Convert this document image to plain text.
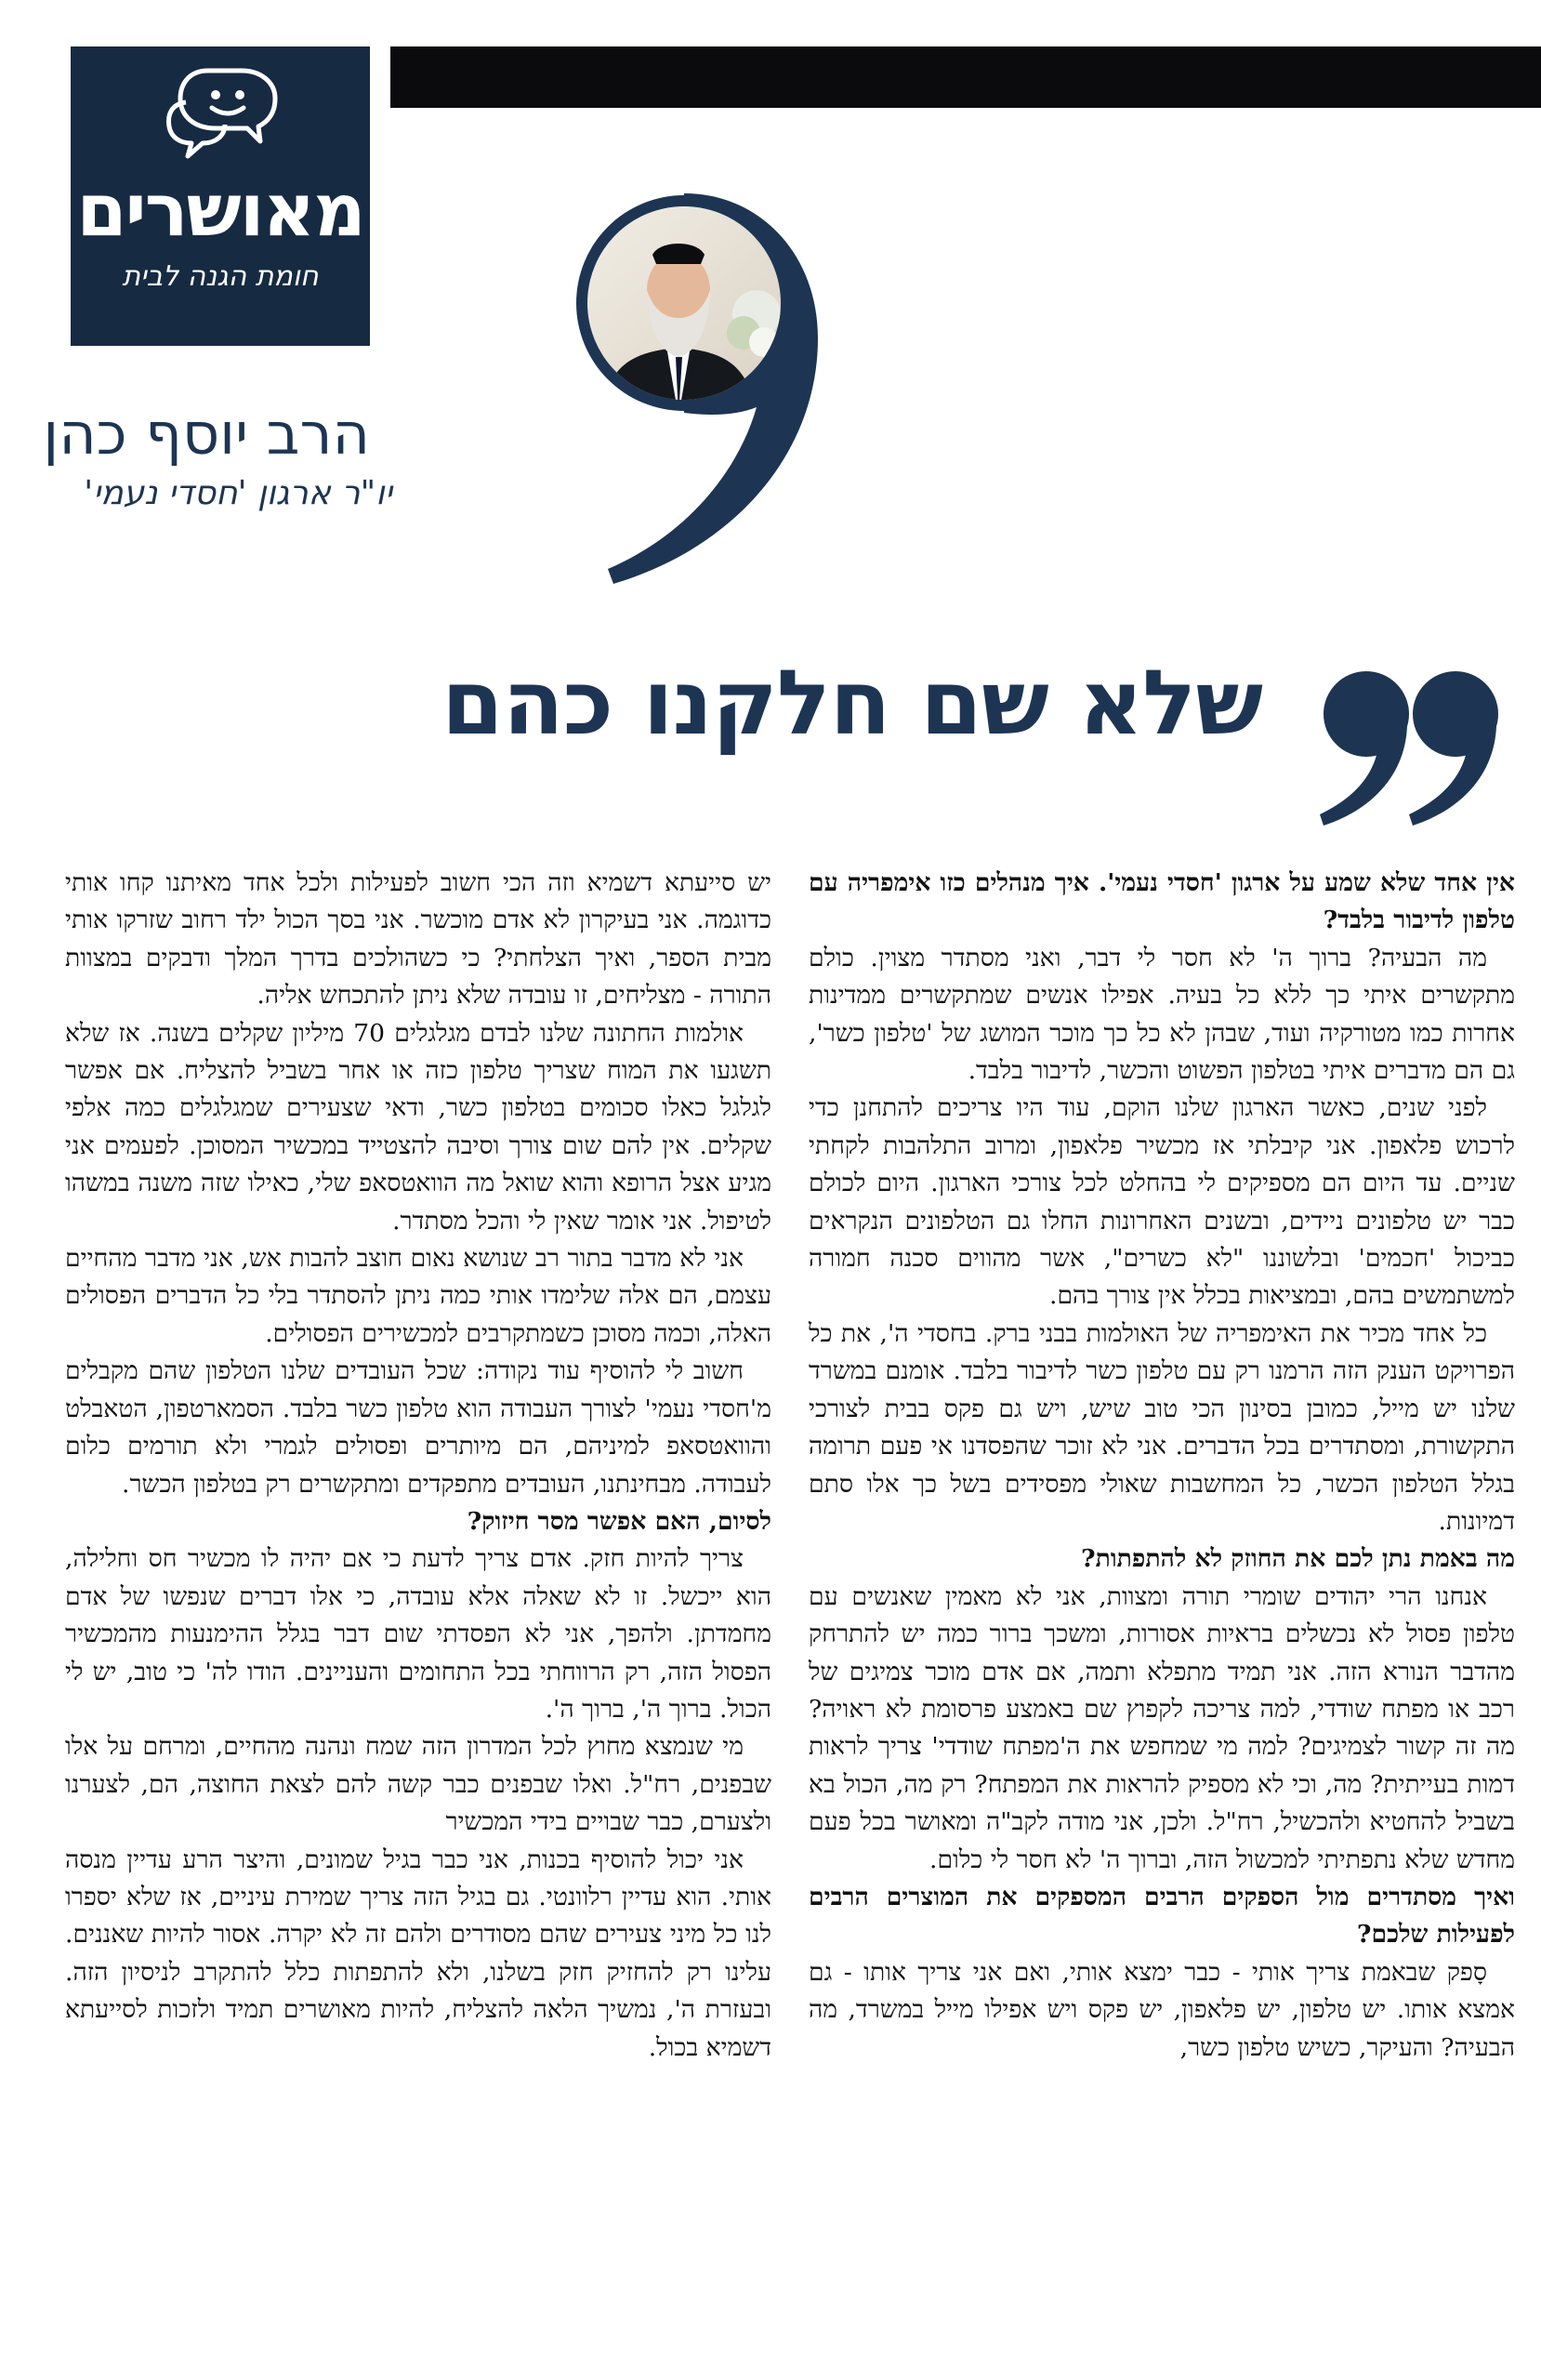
מאושרים
חומת הגנה לבית
הרב יוסף כהן
יו"ר ארגון 'חסדי נעמי'
שלא שם חלקנו כהם

אין אחד שלא שמע על ארגון 'חסדי נעמי'. איך מנהלים כזו אימפריה עם טלפון לדיבור בלבד?

מה הבעיה? ברוך ה' לא חסר לי דבר, ואני מסתדר מצוין. כולם מתקשרים איתי כך ללא כל בעיה. אפילו אנשים שמתקשרים ממדינות אחרות כמו מטורקיה ועוד, שבהן לא כל כך מוכר המושג של 'טלפון כשר', גם הם מדברים איתי בטלפון הפשוט והכשר, לדיבור בלבד.

לפני שנים, כאשר הארגון שלנו הוקם, עוד היו צריכים להתחנן כדי לרכוש פלאפון. אני קיבלתי אז מכשיר פלאפון, ומרוב התלהבות לקחתי שניים. עד היום הם מספיקים לי בהחלט לכל צורכי הארגון. היום לכולם כבר יש טלפונים ניידים, ובשנים האחרונות החלו גם הטלפונים הנקראים כביכול 'חכמים' ובלשוננו "לא כשרים", אשר מהווים סכנה חמורה למשתמשים בהם, ובמציאות בכלל אין צורך בהם.

כל אחד מכיר את האימפריה של האולמות בבני ברק. בחסדי ה', את כל הפרויקט הענק הזה הרמנו רק עם טלפון כשר לדיבור בלבד. אומנם במשרד שלנו יש מייל, כמובן בסינון הכי טוב שיש, ויש גם פקס בבית לצורכי התקשורת, ומסתדרים בכל הדברים. אני לא זוכר שהפסדנו אי פעם תרומה בגלל הטלפון הכשר, כל המחשבות שאולי מפסידים בשל כך אלו סתם דמיונות.

מה באמת נתן לכם את החוזק לא להתפתות?

אנחנו הרי יהודים שומרי תורה ומצוות, אני לא מאמין שאנשים עם טלפון פסול לא נכשלים בראיות אסורות, ומשכך ברור כמה יש להתרחק מהדבר הנורא הזה. אני תמיד מתפלא ותמה, אם אדם מוכר צמיגים של רכב או מפתח שודדי, למה צריכה לקפוץ שם באמצע פרסומת לא ראויה? מה זה קשור לצמיגים? למה מי שמחפש את ה'מפתח שודדי' צריך לראות דמות בעייתית? מה, וכי לא מספיק להראות את המפתח? רק מה, הכול בא בשביל להחטיא ולהכשיל, רח"ל. ולכן, אני מודה לקב"ה ומאושר בכל פעם מחדש שלא נתפתיתי למכשול הזה, וברוך ה' לא חסר לי כלום.

ואיך מסתדרים מול הספקים הרבים המספקים את המוצרים הרבים לפעילות שלכם?

סָפק שבאמת צריך אותי - כבר ימצא אותי, ואם אני צריך אותו - גם אמצא אותו. יש טלפון, יש פלאפון, יש פקס ויש אפילו מייל במשרד, מה הבעיה? והעיקר, כשיש טלפון כשר,

יש סייעתא דשמיא וזה הכי חשוב לפעילות ולכל אחד מאיתנו קחו אותי כדוגמה. אני בעיקרון לא אדם מוכשר. אני בסך הכול ילד רחוב שזרקו אותי מבית הספר, ואיך הצלחתי? כי כשהולכים בדרך המלך ודבקים במצוות התורה - מצליחים, זו עובדה שלא ניתן להתכחש אליה.

אולמות החתונה שלנו לבדם מגלגלים 70 מיליון שקלים בשנה. אז שלא תשגעו את המוח שצריך טלפון כזה או אחר בשביל להצליח. אם אפשר לגלגל כאלו סכומים בטלפון כשר, ודאי שצעירים שמגלגלים כמה אלפי שקלים. אין להם שום צורך וסיבה להצטייד במכשיר המסוכן. לפעמים אני מגיע אצל הרופא והוא שואל מה הוואטסאפ שלי, כאילו שזה משנה במשהו לטיפול. אני אומר שאין לי והכל מסתדר.

אני לא מדבר בתור רב שנושא נאום חוצב להבות אש, אני מדבר מהחיים עצמם, הם אלה שלימדו אותי כמה ניתן להסתדר בלי כל הדברים הפסולים האלה, וכמה מסוכן כשמתקרבים למכשירים הפסולים.

חשוב לי להוסיף עוד נקודה: שכל העובדים שלנו הטלפון שהם מקבלים מ'חסדי נעמי' לצורך העבודה הוא טלפון כשר בלבד. הסמארטפון, הטאבלט והוואטסאפ למיניהם, הם מיותרים ופסולים לגמרי ולא תורמים כלום לעבודה. מבחינתנו, העובדים מתפקדים ומתקשרים רק בטלפון הכשר.

לסיום, האם אפשר מסר חיזוק?

צריך להיות חזק. אדם צריך לדעת כי אם יהיה לו מכשיר חס וחלילה, הוא ייכשל. זו לא שאלה אלא עובדה, כי אלו דברים שנפשו של אדם מחמדתן. ולהפך, אני לא הפסדתי שום דבר בגלל ההימנעות מהמכשיר הפסול הזה, רק הרווחתי בכל התחומים והעניינים. הודו לה' כי טוב, יש לי הכול. ברוך ה', ברוך ה'.

מי שנמצא מחוץ לכל המדרון הזה שמח ונהנה מהחיים, ומרחם על אלו שבפנים, רח"ל. ואלו שבפנים כבר קשה להם לצאת החוצה, הם, לצערנו ולצערם, כבר שבויים בידי המכשיר

אני יכול להוסיף בכנות, אני כבר בגיל שמונים, והיצר הרע עדיין מנסה אותי. הוא עדיין רלוונטי. גם בגיל הזה צריך שמירת עיניים, אז שלא יספרו לנו כל מיני צעירים שהם מסודרים ולהם זה לא יקרה. אסור להיות שאננים. עלינו רק להחזיק חזק בשלנו, ולא להתפתות כלל להתקרב לניסיון הזה. ובעזרת ה', נמשיך הלאה להצליח, להיות מאושרים תמיד ולזכות לסייעתא דשמיא בכול.
